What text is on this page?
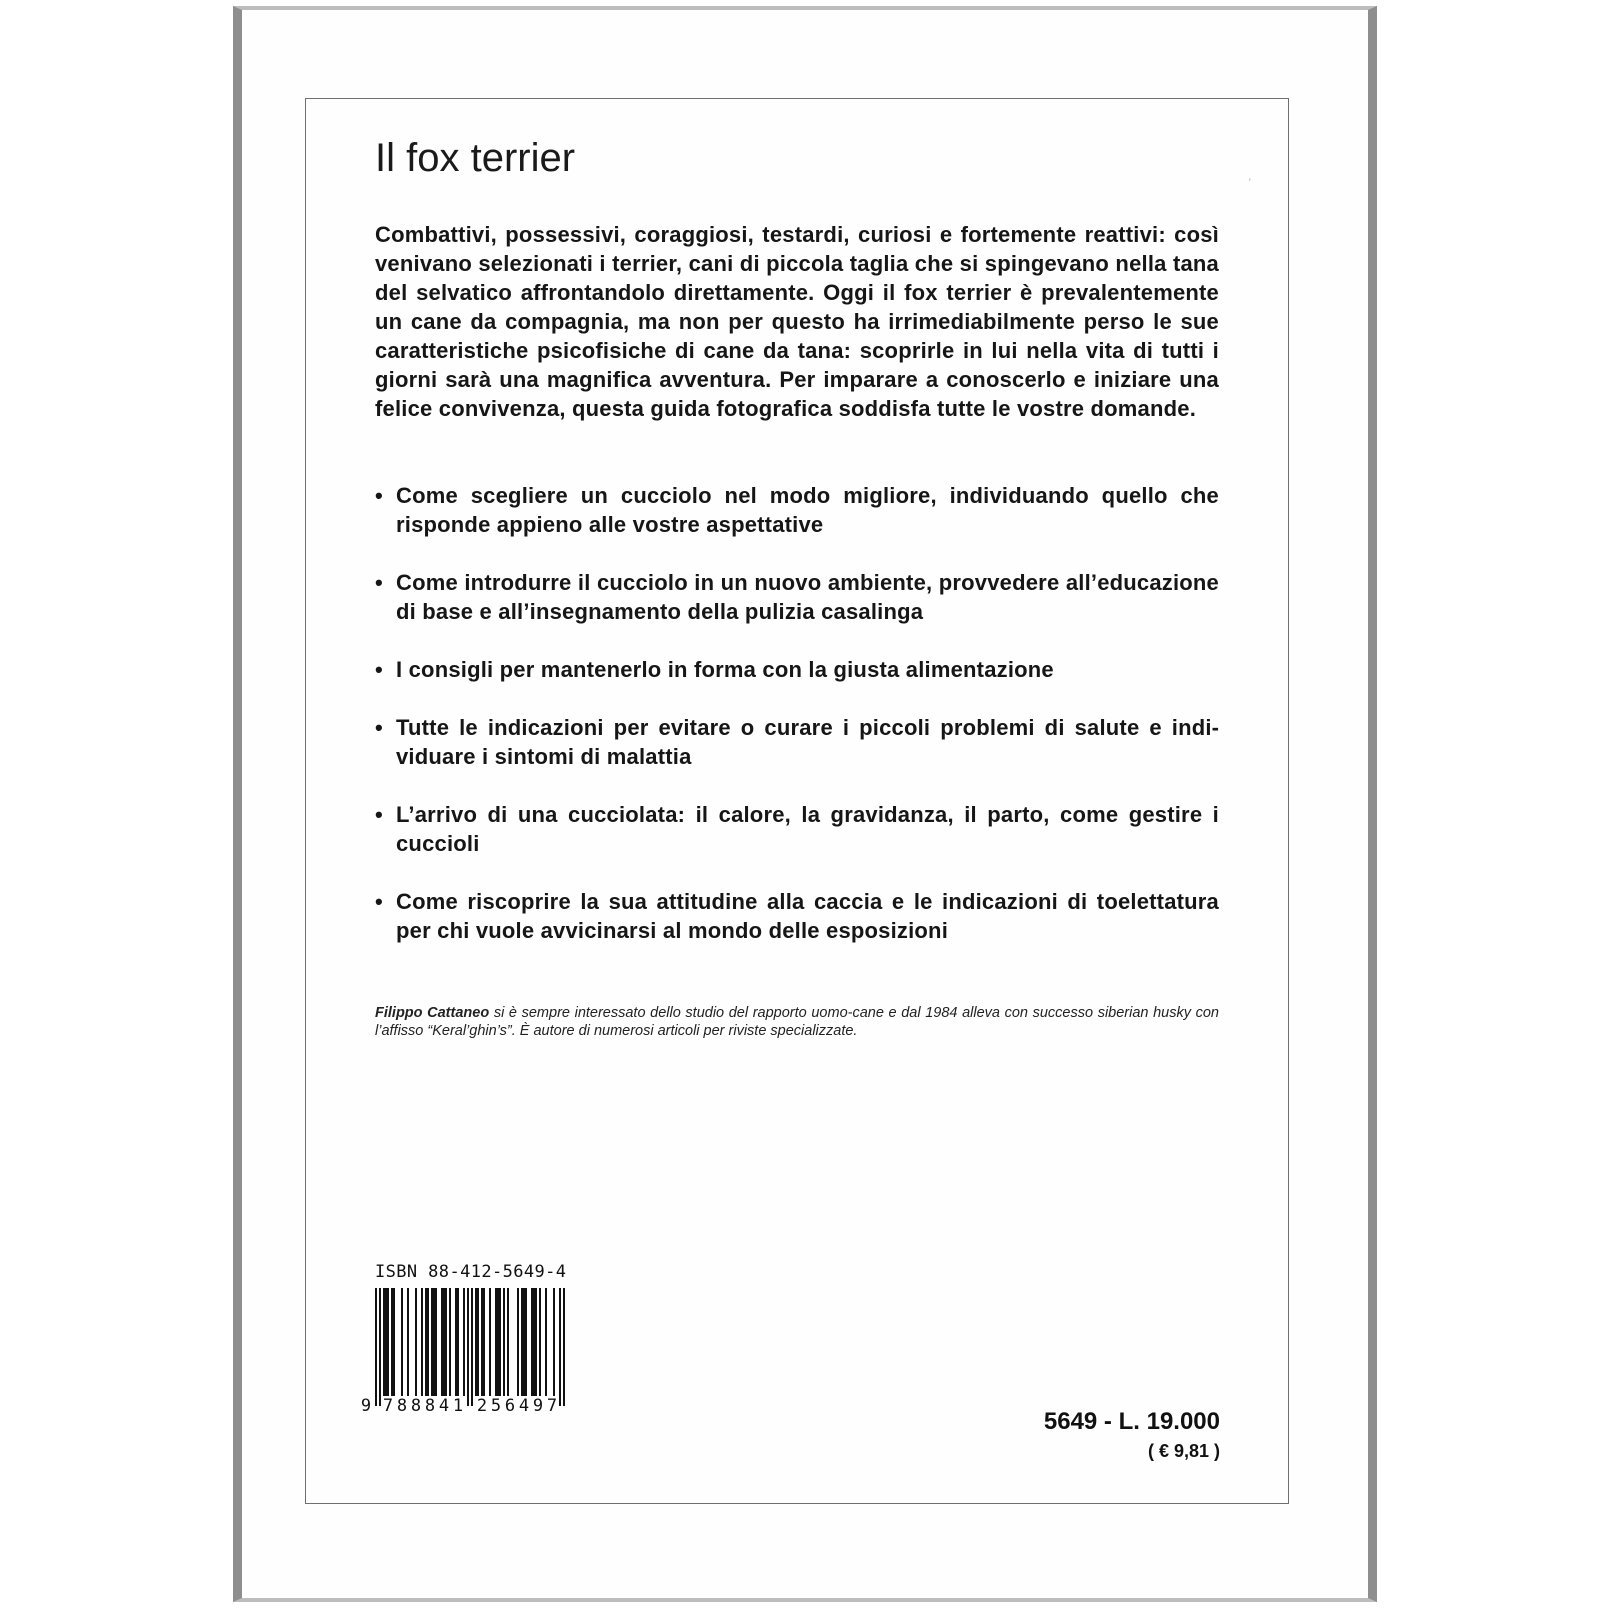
′
Il fox terrier

Combattivi, possessivi, coraggiosi, testardi, curiosi e fortemente reattivi: così venivano selezionati i terrier, cani di piccola taglia che si spingevano nella tana del selvatico affrontandolo direttamente. Oggi il fox terrier è prevalentemente un cane da compagnia, ma non per questo ha irrimediabilmente perso le sue caratteristiche psicofisiche di cane da tana: scoprirle in lui nella vita di tutti i giorni sarà una magnifica avventura. Per imparare a conoscerlo e iniziare una felice convivenza, questa guida fotografica soddisfa tutte le vostre domande.

• Come scegliere un cucciolo nel modo migliore, individuando quello che risponde appieno alle vostre aspettative
• Come introdurre il cucciolo in un nuovo ambiente, provvedere all’educazione di base e all’insegnamento della pulizia casalinga
• I consigli per mantenerlo in forma con la giusta alimentazione
• Tutte le indicazioni per evitare o curare i piccoli problemi di salute e individuare i sintomi di malattia
• L’arrivo di una cucciolata: il calore, la gravidanza, il parto, come gestire i cuccioli
• Come riscoprire la sua attitudine alla caccia e le indicazioni di toelettatura per chi vuole avvicinarsi al mondo delle esposizioni

Filippo Cattaneo si è sempre interessato dello studio del rapporto uomo-cane e dal 1984 alleva con successo siberian husky con l’affisso “Keral’ghin’s”. È autore di numerosi articoli per riviste specializzate.

ISBN 88-412-5649-4
9 7 8 8 8 4 1 2 5 6 4 9 7
5649 - L. 19.000
( € 9,81 )
